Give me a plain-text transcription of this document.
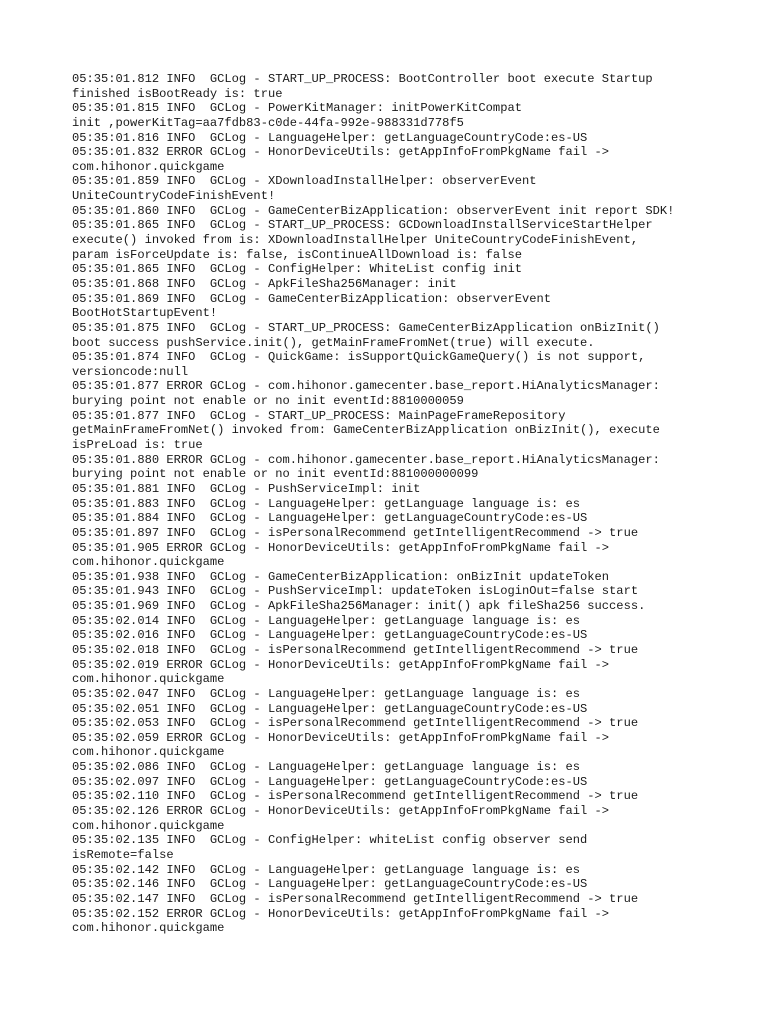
05:35:01.812 INFO  GCLog - START_UP_PROCESS: BootController boot execute Startup
finished isBootReady is: true
05:35:01.815 INFO  GCLog - PowerKitManager: initPowerKitCompat
init ,powerKitTag=aa7fdb83-c0de-44fa-992e-988331d778f5
05:35:01.816 INFO  GCLog - LanguageHelper: getLanguageCountryCode:es-US
05:35:01.832 ERROR GCLog - HonorDeviceUtils: getAppInfoFromPkgName fail ->
com.hihonor.quickgame
05:35:01.859 INFO  GCLog - XDownloadInstallHelper: observerEvent
UniteCountryCodeFinishEvent!
05:35:01.860 INFO  GCLog - GameCenterBizApplication: observerEvent init report SDK!
05:35:01.865 INFO  GCLog - START_UP_PROCESS: GCDownloadInstallServiceStartHelper
execute() invoked from is: XDownloadInstallHelper UniteCountryCodeFinishEvent,
param isForceUpdate is: false, isContinueAllDownload is: false
05:35:01.865 INFO  GCLog - ConfigHelper: WhiteList config init
05:35:01.868 INFO  GCLog - ApkFileSha256Manager: init
05:35:01.869 INFO  GCLog - GameCenterBizApplication: observerEvent
BootHotStartupEvent!
05:35:01.875 INFO  GCLog - START_UP_PROCESS: GameCenterBizApplication onBizInit()
boot success pushService.init(), getMainFrameFromNet(true) will execute.
05:35:01.874 INFO  GCLog - QuickGame: isSupportQuickGameQuery() is not support,
versioncode:null
05:35:01.877 ERROR GCLog - com.hihonor.gamecenter.base_report.HiAnalyticsManager:
burying point not enable or no init eventId:8810000059
05:35:01.877 INFO  GCLog - START_UP_PROCESS: MainPageFrameRepository
getMainFrameFromNet() invoked from: GameCenterBizApplication onBizInit(), execute
isPreLoad is: true
05:35:01.880 ERROR GCLog - com.hihonor.gamecenter.base_report.HiAnalyticsManager:
burying point not enable or no init eventId:881000000099
05:35:01.881 INFO  GCLog - PushServiceImpl: init
05:35:01.883 INFO  GCLog - LanguageHelper: getLanguage language is: es
05:35:01.884 INFO  GCLog - LanguageHelper: getLanguageCountryCode:es-US
05:35:01.897 INFO  GCLog - isPersonalRecommend getIntelligentRecommend -> true
05:35:01.905 ERROR GCLog - HonorDeviceUtils: getAppInfoFromPkgName fail ->
com.hihonor.quickgame
05:35:01.938 INFO  GCLog - GameCenterBizApplication: onBizInit updateToken
05:35:01.943 INFO  GCLog - PushServiceImpl: updateToken isLoginOut=false start
05:35:01.969 INFO  GCLog - ApkFileSha256Manager: init() apk fileSha256 success.
05:35:02.014 INFO  GCLog - LanguageHelper: getLanguage language is: es
05:35:02.016 INFO  GCLog - LanguageHelper: getLanguageCountryCode:es-US
05:35:02.018 INFO  GCLog - isPersonalRecommend getIntelligentRecommend -> true
05:35:02.019 ERROR GCLog - HonorDeviceUtils: getAppInfoFromPkgName fail ->
com.hihonor.quickgame
05:35:02.047 INFO  GCLog - LanguageHelper: getLanguage language is: es
05:35:02.051 INFO  GCLog - LanguageHelper: getLanguageCountryCode:es-US
05:35:02.053 INFO  GCLog - isPersonalRecommend getIntelligentRecommend -> true
05:35:02.059 ERROR GCLog - HonorDeviceUtils: getAppInfoFromPkgName fail ->
com.hihonor.quickgame
05:35:02.086 INFO  GCLog - LanguageHelper: getLanguage language is: es
05:35:02.097 INFO  GCLog - LanguageHelper: getLanguageCountryCode:es-US
05:35:02.110 INFO  GCLog - isPersonalRecommend getIntelligentRecommend -> true
05:35:02.126 ERROR GCLog - HonorDeviceUtils: getAppInfoFromPkgName fail ->
com.hihonor.quickgame
05:35:02.135 INFO  GCLog - ConfigHelper: whiteList config observer send
isRemote=false
05:35:02.142 INFO  GCLog - LanguageHelper: getLanguage language is: es
05:35:02.146 INFO  GCLog - LanguageHelper: getLanguageCountryCode:es-US
05:35:02.147 INFO  GCLog - isPersonalRecommend getIntelligentRecommend -> true
05:35:02.152 ERROR GCLog - HonorDeviceUtils: getAppInfoFromPkgName fail ->
com.hihonor.quickgame
